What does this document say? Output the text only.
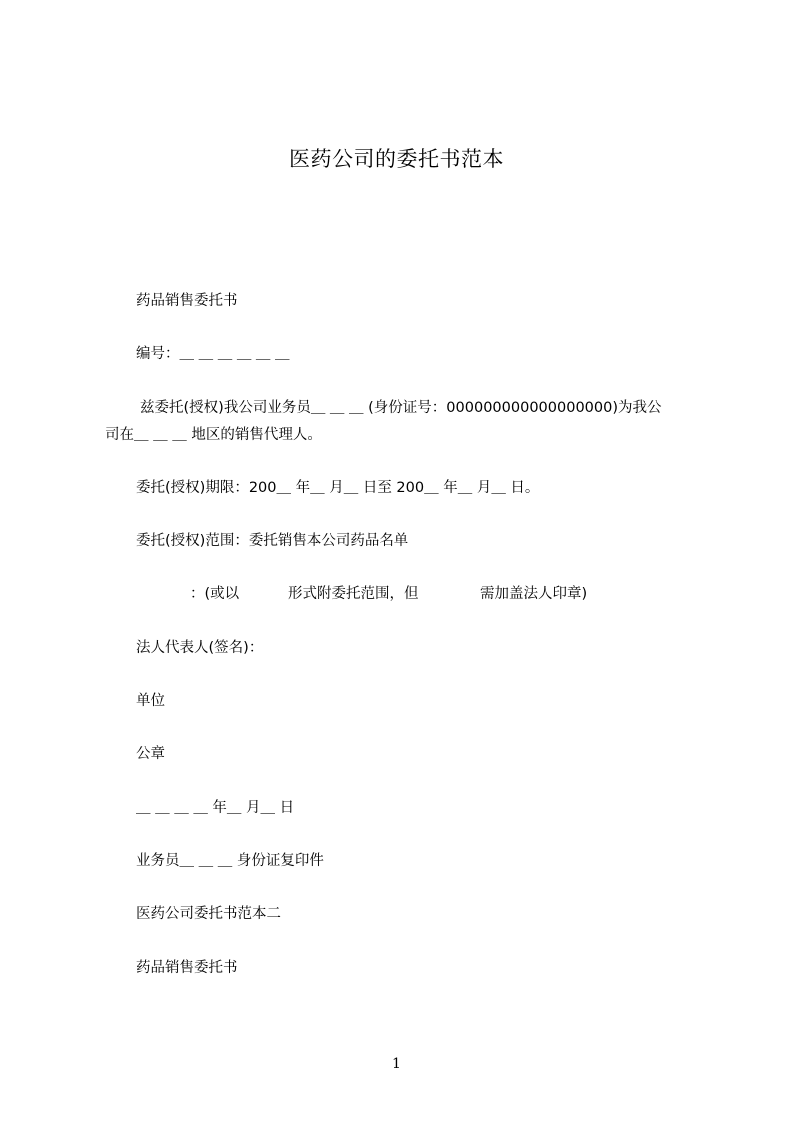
医药公司的委托书范本
药品销售委托书
编号：＿ ＿ ＿ ＿ ＿ ＿
兹委托(授权)我公司业务员＿ ＿ ＿ (身份证号：000000000000000000)为我公
司在＿ ＿ ＿ 地区的销售代理人。
委托(授权)期限：200＿ 年＿ 月＿ 日至 200＿ 年＿ 月＿ 日。
委托(授权)范围：委托销售本公司药品名单
：(或以	形式附委托范围，但	需加盖法人印章)
法人代表人(签名)：
单位
公章
＿ ＿ ＿ ＿ 年＿ 月＿ 日
业务员＿ ＿ ＿ 身份证复印件
医药公司委托书范本二
药品销售委托书
1
